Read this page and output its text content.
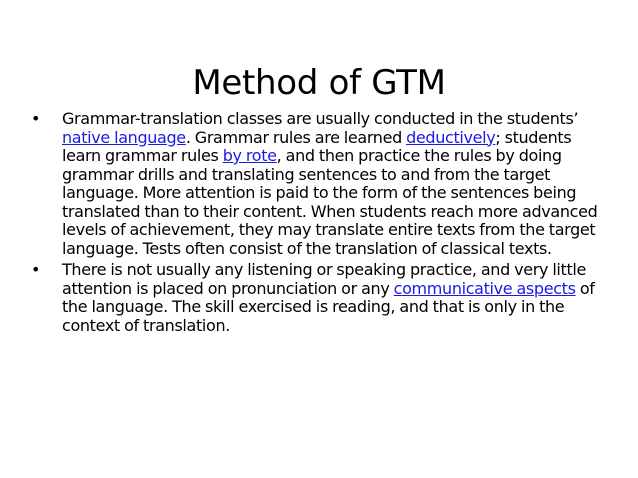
Method of GTM
•	Grammar-translation classes are usually conducted in the students’ native language. Grammar rules are learned deductively; students learn grammar rules by rote, and then practice the rules by doing grammar drills and translating sentences to and from the target language. More attention is paid to the form of the sentences being translated than to their content. When students reach more advanced levels of achievement, they may translate entire texts from the target language. Tests often consist of the translation of classical texts.
•	There is not usually any listening or speaking practice, and very little attention is placed on pronunciation or any communicative aspects of the language. The skill exercised is reading, and that is only in the context of translation.
